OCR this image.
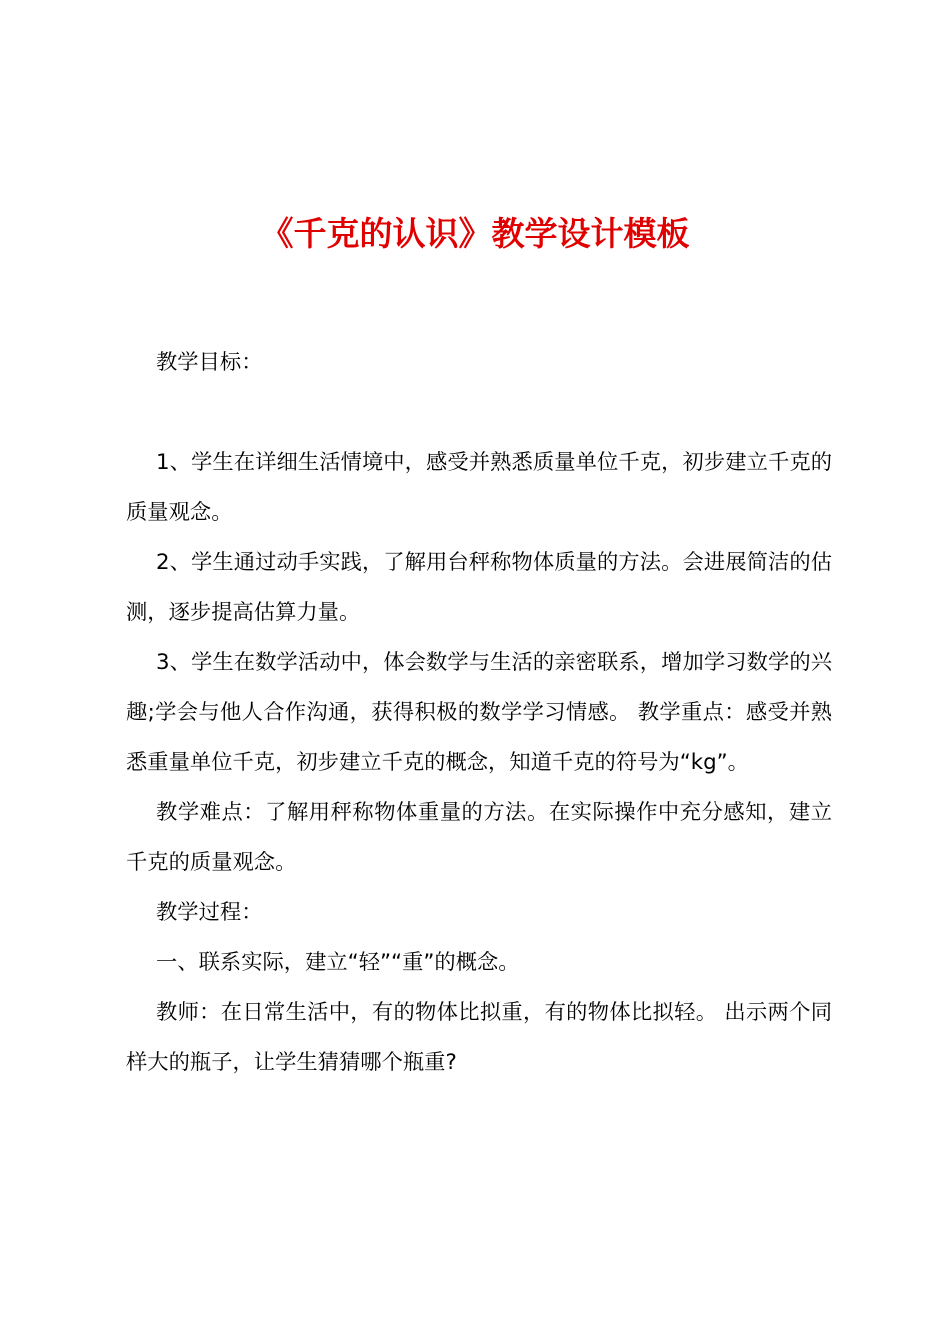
《千克的认识》教学设计模板

教学目标：

1、学生在详细生活情境中，感受并熟悉质量单位千克，初步建立千克的质量观念。

2、学生通过动手实践，了解用台秤称物体质量的方法。会进展简洁的估测，逐步提高估算力量。

3、学生在数学活动中，体会数学与生活的亲密联系，增加学习数学的兴趣;学会与他人合作沟通，获得积极的数学学习情感。 教学重点：感受并熟悉重量单位千克，初步建立千克的概念，知道千克的符号为“kg”。

教学难点：了解用秤称物体重量的方法。在实际操作中充分感知，建立千克的质量观念。

教学过程：

一、联系实际，建立“轻”“重”的概念。

教师：在日常生活中，有的物体比拟重，有的物体比拟轻。 出示两个同样大的瓶子，让学生猜猜哪个瓶重?
